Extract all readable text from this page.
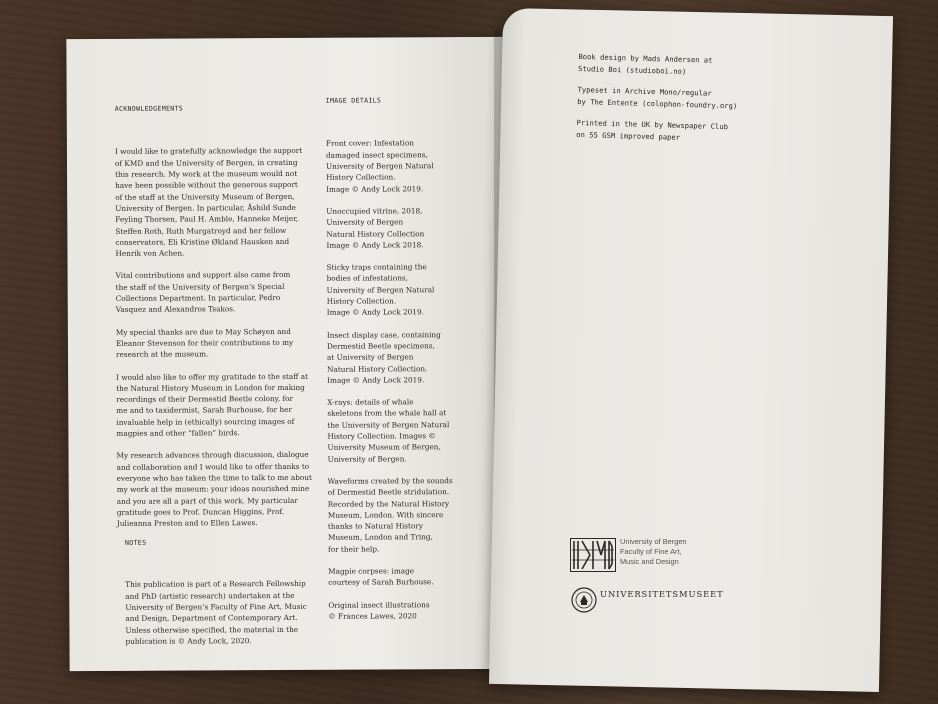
ACKNOWLEDGEMENTS

I would like to gratefully acknowledge the support
of KMD and the University of Bergen, in creating
this research. My work at the museum would not
have been possible without the generous support
of the staff at the University Museum of Bergen,
University of Bergen. In particular, Åshild Sunde
Feyling Thorsen, Paul H. Amble, Hanneke Meijer,
Steffen Roth, Ruth Murgatroyd and her fellow
conservators, Eli Kristine Økland Hausken and
Henrik von Achen.
Vital contributions and support also came from
the staff of the University of Bergen’s Special
Collections Department. In particular, Pedro
Vasquez and Alexandros Tsakos.
My special thanks are due to May Schøyen and
Eleanor Stevenson for their contributions to my
research at the museum.
I would also like to offer my gratitude to the staff at
the Natural History Museum in London for making
recordings of their Dermestid Beetle colony, for
me and to taxidermist, Sarah Burhouse, for her
invaluable help in (ethically) sourcing images of
magpies and other “fallen” birds.
My research advances through discussion, dialogue
and collaboration and I would like to offer thanks to
everyone who has taken the time to talk to me about
my work at the museum: your ideas nourished mine
and you are all a part of this work. My particular
gratitude goes to Prof. Duncan Higgins, Prof.
Julieanna Preston and to Ellen Lawes.

NOTES

This publication is part of a Research Fellowship
and PhD (artistic research) undertaken at the
University of Bergen’s Faculty of Fine Art, Music
and Design, Department of Contemporary Art.
Unless otherwise specified, the material in the
publication is © Andy Lock, 2020.

IMAGE DETAILS

Front cover: Infestation
damaged insect specimens,
University of Bergen Natural
History Collection.
Image © Andy Lock 2019.
Unoccupied vitrine, 2018,
University of Bergen
Natural History Collection
Image © Andy Lock 2018.
Sticky traps containing the
bodies of infestations,
University of Bergen Natural
History Collection.
Image © Andy Lock 2019.
Insect display case, containing
Dermestid Beetle specimens,
at University of Bergen
Natural History Collection.
Image © Andy Lock 2019.
X-rays: details of whale
skeletons from the whale hall at
the University of Bergen Natural
History Collection. Images ©
University Museum of Bergen,
University of Bergen.
Waveforms created by the sounds
of Dermestid Beetle stridulation.
Recorded by the Natural History
Museum, London. With sincere
thanks to Natural History
Museum, London and Tring,
for their help.
Magpie corpses: image
courtesy of Sarah Burhouse.
Original insect illustrations
© Frances Lawes, 2020

Book design by Mads Andersen at
Studio Boi (studioboi.no)
Typeset in Archive Mono/regular
by The Entente (colophon-foundry.org)
Printed in the UK by Newspaper Club
on 55 GSM improved paper
University of Bergen
Faculty of Fine Art,
Music and Design
UNIVERSITETSMUSEET
